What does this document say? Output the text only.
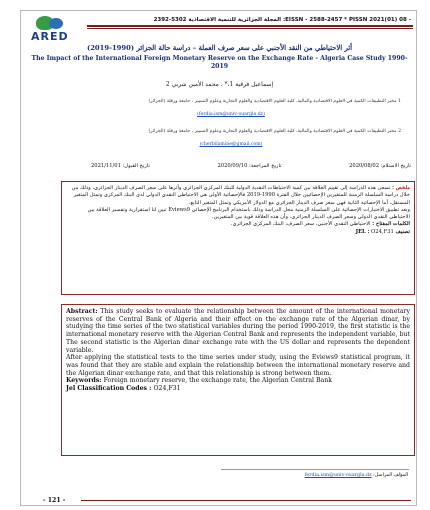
ARED
المجلة الجزائرية للتنمية الاقتصادية 5302-2392 :EISSN - 2588-2457 * PISSN 2021(01) 08 -
أثر الاحتياطي من النقد الأجنبي على سعر صرف العملة – دراسة حالة الجزائر (1990-2019)
The Impact of the International Foreign Monetary Reserve on the Exchange Rate - Algeria Case Study 1990-2019
إسماعيل فرقية 1،* ، محمد الأمين شربي 2
1 مخبر التطبيقات الكمية في العلوم الاقتصادية والمالية، كلية العلوم الاقتصادية والعلوم التجارية وعلوم التسيير ، جامعة ورقلة (الجزائر)
(ferdia.ism@univ-ouargla.dz)
2 مخبر التطبيقات الكمية في العلوم الاقتصادية والمالية، كلية العلوم الاقتصادية والعلوم التجارية وعلوم التسيير ، جامعة ورقلة (الجزائر)
(cherbilamine@gmail.com)
تاريخ الاستلام: 2020/08/02
تاريخ المراجعة: 2020/09/10
تاريخ القبول: 2021/11/01
ملخص : تسعى هذه الدراسة إلى تقييم العلاقة بين كمية الاحتياطات النقدية الدولية للبنك المركزي الجزائري وأثرها على سعر الصرف الدينار الجزائري، وذلك من خلال دراسة السلسلة الزمنية للمتغيرين الإحصائيين خلال الفترة 1990-2019 فالإحصائية الأولى هي الاحتياطي النقدي الدولي لدى البنك المركزي وتمثل المتغير المستقل، أما الإحصائية الثانية فهي سعر صرف الدينار الجزائري مع الدولار الأمريكي وتمثل المتغير التابع.
وبعد تطبيق الاختبارات الإحصائية على السلسلة الزمنية محل الدراسة وذلك باستخدام البرنامج الإحصائي Eviews9 تبين لنا استقرارية وتفسير العلاقة بين الاحتياطي النقدي الدولي وسعر الصرف الدينار الجزائري، وأن هذه العلاقة قوية بين المتغيرين.
الكلمات المفتاح : الاحتياطي النقدي الأجنبي، سعر الصرف، البنك المركزي الجزائري.
تصنيف JEL : O24,F31
Abstract: This study seeks to evaluate the relationship between the amount of the international monetary reserves of the Central Bank of Algeria and their effect on the exchange rate of the Algerian dinar, by studying the time series of the two statistical variables during the period 1990-2019, the first statistic is the international monetary reserve with the Algerian Central Bank and represents the independent variable, but The second statistic is the Algerian dinar exchange rate with the US dollar and represents the dependent variable.
After applying the statistical tests to the time series under study, using the Eviews9 statistical program, it was found that they are stable and explain the relationship between the international monetary reserve and the Algerian dinar exchange rate, and that this relationship is strong between them.
Keywords: Foreign monetary reserve, the exchange rate, the Algerian Central Bank
Jel Classification Codes : O24,F31
المؤلف المراسل: ferdia.ism@univ-ouargla.dz
- 121 -
